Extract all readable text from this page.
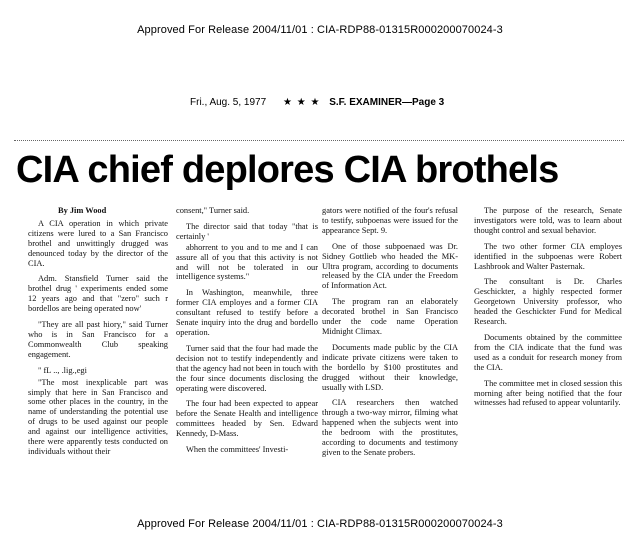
Approved For Release 2004/11/01 : CIA-RDP88-01315R000200070024-3
Fri., Aug. 5, 1977 ★ ★ ★ S.F. EXAMINER—Page 3
CIA chief deplores CIA brothels
By Jim Wood

A CIA operation in which private citizens were lured to a San Francisco brothel and unwittingly drugged was denounced today by the director of the CIA.

Adm. Stansfield Turner said the brothel drug ' experiments ended some 12 years ago and that "zero" such r bordellos are being operated now'

"They are all past hiory," said Turner who is in San Francisco for a Commonwealth Club speaking engagement.

" fL .., .lig.,egi

"The most inexplicable part was simply that here in San Francisco and some other places in the country, in the name of understanding the potential use of drugs to be used against our people and against our intelligence activities, there were apparently tests conducted on individuals without their

consent," Turner said.

The director said that today "that is certainly '

abhorrent to you and to me and I can assure all of you that this activity is not and will not be tolerated in our intelligence systems."

In Washington, meanwhile, three former CIA employes and a former CIA consultant refused to testify before a Senate inquiry into the drug and bordello operation.

Turner said that the four had made the decision not to testify independently and that the agency had not been in touch with the four since documents disclosing the operating were discovered.

The four had been expected to appear before the Senate Health and intelligence committees headed by Sen. Edward Kennedy, D-Mass.

When the committees' Investi-

gators were notified of the four's refusal to testify, subpoenas were issued for the appearance Sept. 9.

One of those subpoenaed was Dr. Sidney Gottlieb who headed the MK-Ultra program, according to documents released by the CIA under the Freedom of Information Act.

The program ran an elaborately decorated brothel in San Francisco under the code name Operation Midnight Climax.

Documents made public by the CIA indicate private citizens were taken to the bordello by $100 prostitutes and drugged without their knowledge, usually with LSD.

CIA researchers then watched through a two-way mirror, filming what happened when the subjects went into the bedroom with the prostitutes, according to documents and testimony given to the Senate probers.

The purpose of the research, Senate investigators were told, was to learn about thought control and sexual behavior.

The two other former CIA employes identified in the subpoenas were Robert Lashbrook and Walter Pasternak.

The consultant is Dr. Charles Geschickter, a highly respected former Georgetown University professor, who headed the Geschickter Fund for Medical Research.

Documents obtained by the committee from the CIA indicate that the fund was used as a conduit for research money from the CIA.

The committee met in closed session this morning after being notified that the four witnesses had refused to appear voluntarily.

Approved For Release 2004/11/01 : CIA-RDP88-01315R000200070024-3
